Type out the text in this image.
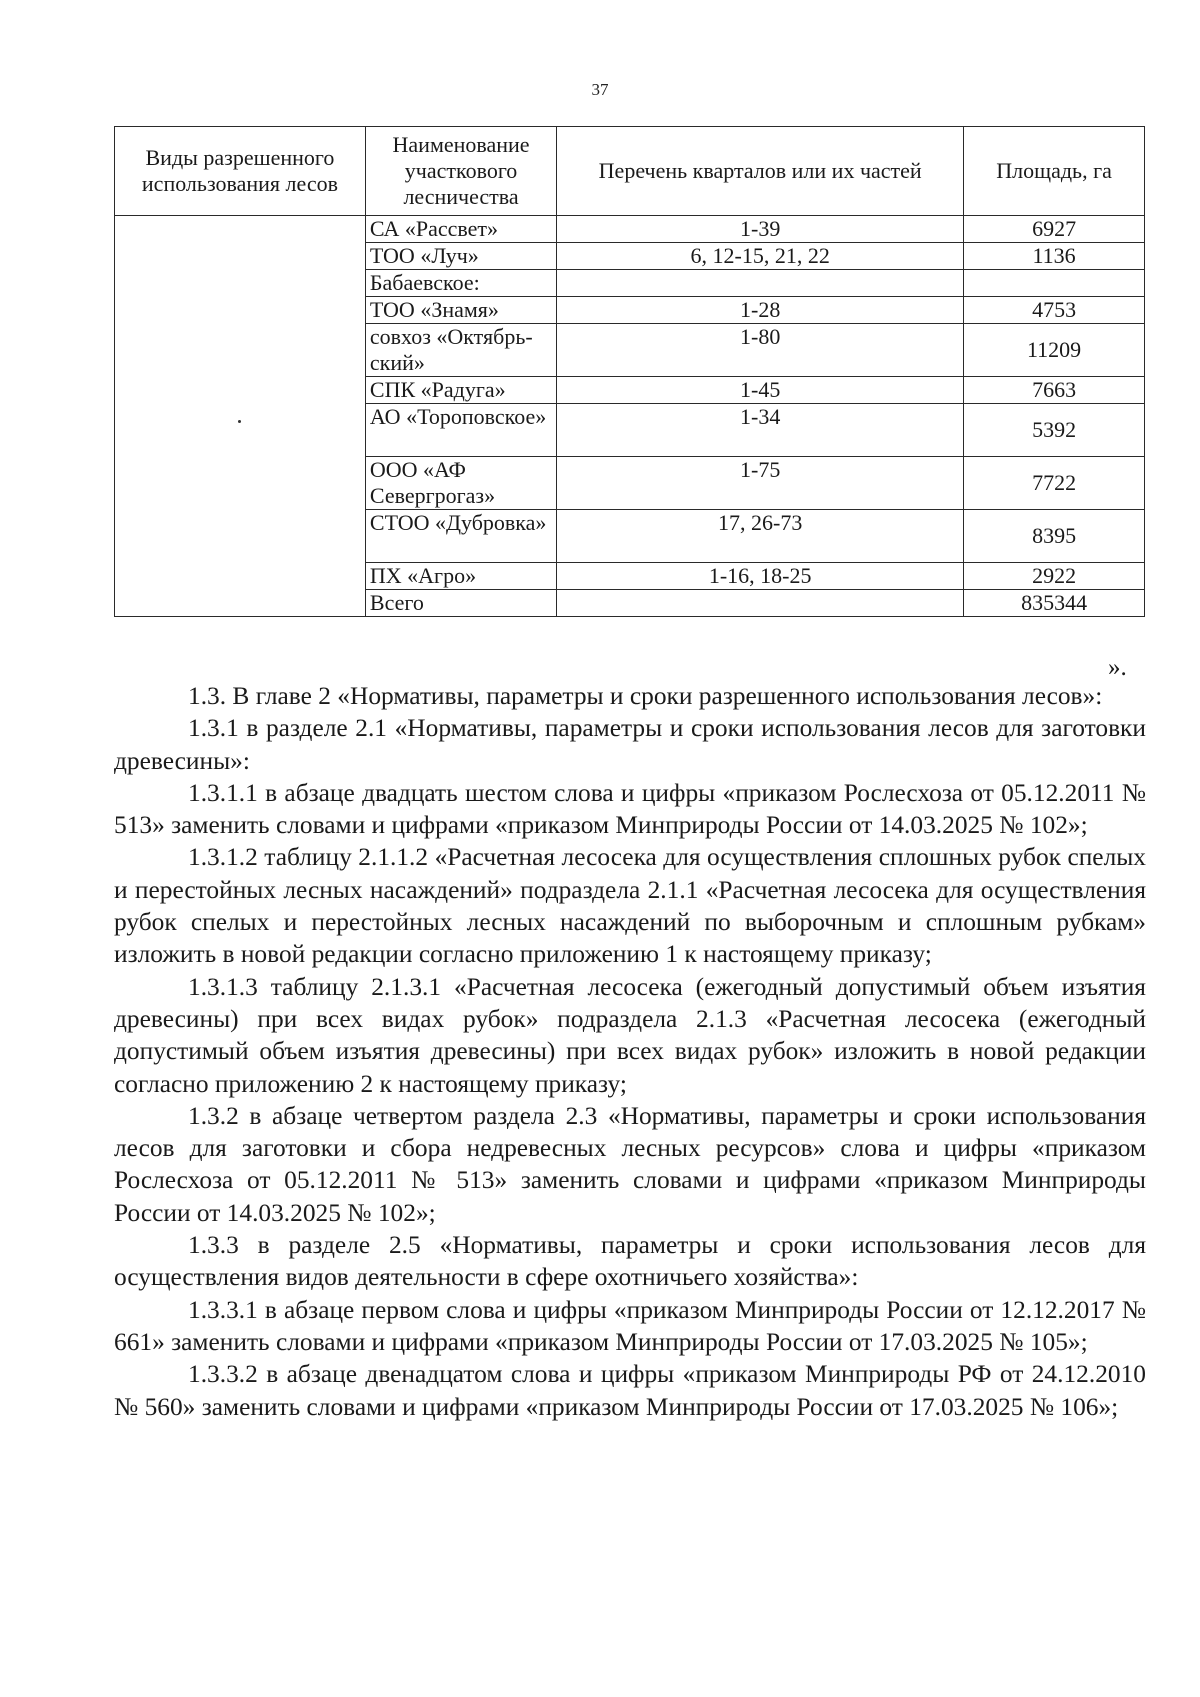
37
Виды разрешенного использования лесов	Наименование участкового лесничества	Перечень кварталов или их частей	Площадь, га
	СА «Рассвет»	1-39	6927
	ТОО «Луч»	6, 12-15, 21, 22	1136
	Бабаевское:		
	ТОО «Знамя»	1-28	4753
	совхоз «Октябрь-ский»	1-80	11209
	СПК «Радуга»	1-45	7663
	АО «Тороповское»	1-34	5392
	ООО «АФ Севергрогаз»	1-75	7722
	СТОО «Дубровка»	17, 26-73	8395
	ПХ «Агро»	1-16, 18-25	2922
	Всего		835344
».

1.3. В главе 2 «Нормативы, параметры и сроки разрешенного использования лесов»:

1.3.1 в разделе 2.1 «Нормативы, параметры и сроки использования лесов для заготовки древесины»:

1.3.1.1 в абзаце двадцать шестом слова и цифры «приказом Рослесхоза от 05.12.2011 № 513» заменить словами и цифрами «приказом Минприроды России от 14.03.2025 № 102»;

1.3.1.2 таблицу 2.1.1.2 «Расчетная лесосека для осуществления сплошных рубок спелых и перестойных лесных насаждений» подраздела 2.1.1 «Расчетная лесосека для осуществления рубок спелых и перестойных лесных насаждений по выборочным и сплошным рубкам» изложить в новой редакции согласно приложению 1 к настоящему приказу;

1.3.1.3 таблицу 2.1.3.1 «Расчетная лесосека (ежегодный допустимый объем изъятия древесины) при всех видах рубок» подраздела 2.1.3 «Расчетная лесосека (ежегодный допустимый объем изъятия древесины) при всех видах рубок» изложить в новой редакции согласно приложению 2 к настоящему приказу;

1.3.2 в абзаце четвертом раздела 2.3 «Нормативы, параметры и сроки использования лесов для заготовки и сбора недревесных лесных ресурсов» слова и цифры «приказом Рослесхоза от 05.12.2011 № 513» заменить словами и цифрами «приказом Минприроды России от 14.03.2025 № 102»;

1.3.3 в разделе 2.5 «Нормативы, параметры и сроки использования лесов для осуществления видов деятельности в сфере охотничьего хозяйства»:

1.3.3.1 в абзаце первом слова и цифры «приказом Минприроды России от 12.12.2017 № 661» заменить словами и цифрами «приказом Минприроды России от 17.03.2025 № 105»;

1.3.3.2 в абзаце двенадцатом слова и цифры «приказом Минприроды РФ от 24.12.2010 № 560» заменить словами и цифрами «приказом Минприроды России от 17.03.2025 № 106»;
